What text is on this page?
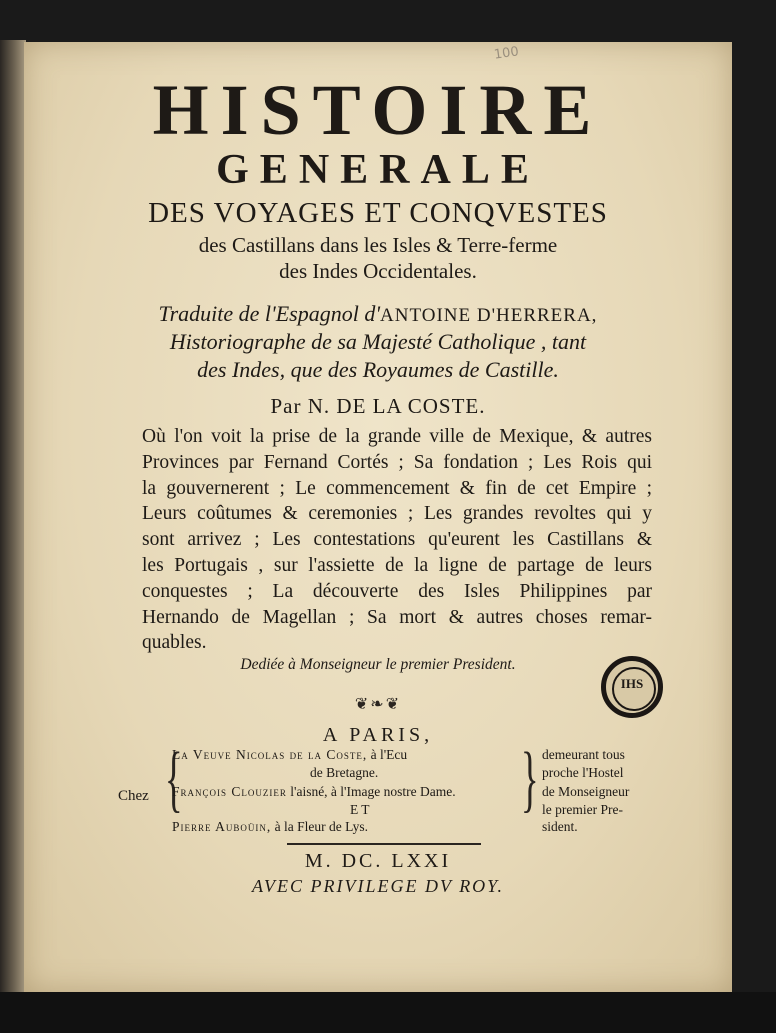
100
HISTOIRE
GENERALE
DES VOYAGES ET CONQVESTES
des Castillans dans les Isles & Terre-ferme
des Indes Occidentales.
Traduite de l'Espagnol d'ANTOINE D'HERRERA,
Historiographe de sa Majesté Catholique , tant
des Indes, que des Royaumes de Castille.
Par N. DE LA COSTE.
Où l'on voit la prise de la grande ville de Mexique, & autres
Provinces par Fernand Cortés ; Sa fondation ; Les Rois qui
la gouvernerent ; Le commencement & fin de cet Empire ;
Leurs coûtumes & ceremonies ; Les grandes revoltes qui y
sont arrivez ; Les contestations qu'eurent les Castillans &
les Portugais , sur l'assiette de la ligne de partage de leurs
conquestes ; La découverte des Isles Philippines par
Hernando de Magellan ; Sa mort & autres choses remar-
quables.
Dediée à Monseigneur le premier President.
❦❧❦
IHS
A PARIS,
Chez {	}
La Veuve Nicolas de la Coste, à l'Ecu
de Bretagne.
François Clouzier l'aisné, à l'Image nostre Dame.
ET
Pierre Auboüin, à la Fleur de Lys.
demeurant tous
proche l'Hostel
de Monseigneur
le premier Pre-
sident.
M. DC. LXXI
AVEC PRIVILEGE DV ROY.
